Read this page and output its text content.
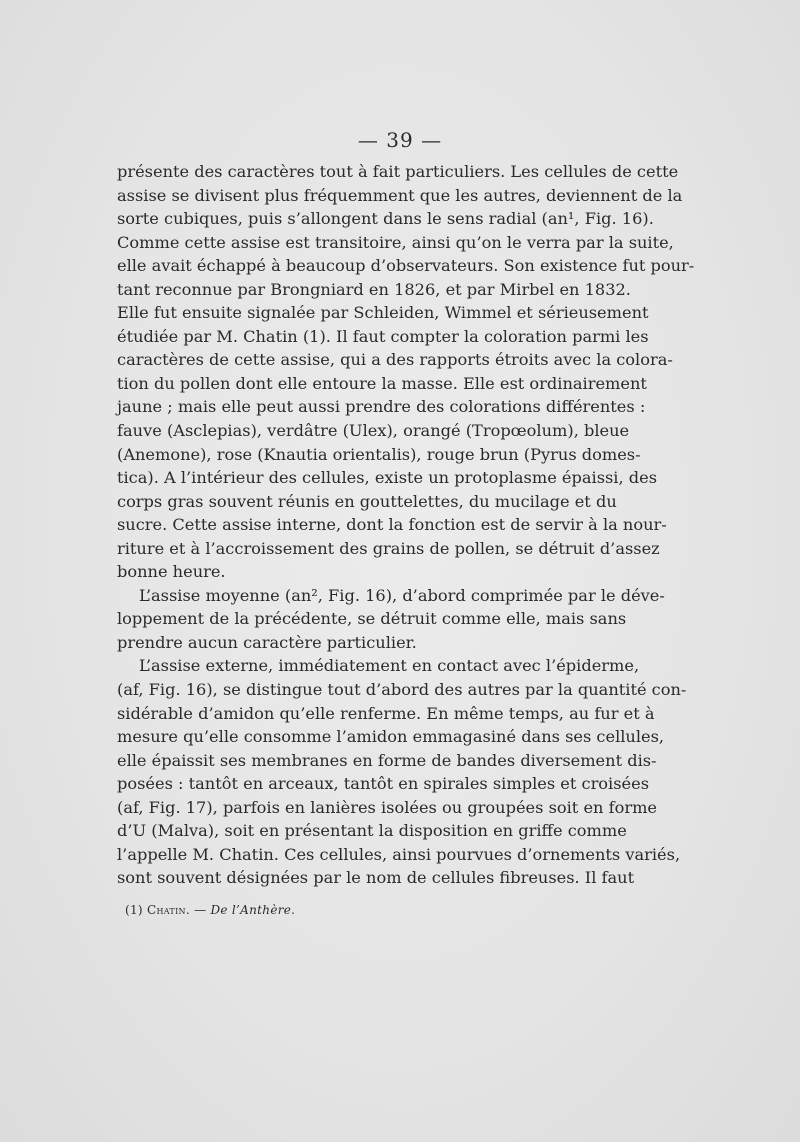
— 39 —
présente des caractères tout à fait particuliers. Les cellules de cette
assise se divisent plus fréquemment que les autres, deviennent de la
sorte cubiques, puis s’allongent dans le sens radial (an¹, Fig. 16).
Comme cette assise est transitoire, ainsi qu’on le verra par la suite,
elle avait échappé à beaucoup d’observateurs. Son existence fut pour-
tant reconnue par Brongniard en 1826, et par Mirbel en 1832.
Elle fut ensuite signalée par Schleiden, Wimmel et sérieusement
étudiée par M. Chatin (1). Il faut compter la coloration parmi les
caractères de cette assise, qui a des rapports étroits avec la colora-
tion du pollen dont elle entoure la masse. Elle est ordinairement
jaune ; mais elle peut aussi prendre des colorations différentes :
fauve (Asclepias), verdâtre (Ulex), orangé (Tropœolum), bleue
(Anemone), rose (Knautia orientalis), rouge brun (Pyrus domes-
tica). A l’intérieur des cellules, existe un protoplasme épaissi, des
corps gras souvent réunis en gouttelettes, du mucilage et du
sucre. Cette assise interne, dont la fonction est de servir à la nour-
riture et à l’accroissement des grains de pollen, se détruit d’assez
bonne heure.
L’assise moyenne (an², Fig. 16), d’abord comprimée par le déve-
loppement de la précédente, se détruit comme elle, mais sans
prendre aucun caractère particulier.
L’assise externe, immédiatement en contact avec l’épiderme,
(af, Fig. 16), se distingue tout d’abord des autres par la quantité con-
sidérable d’amidon qu’elle renferme. En même temps, au fur et à
mesure qu’elle consomme l’amidon emmagasiné dans ses cellules,
elle épaissit ses membranes en forme de bandes diversement dis-
posées : tantôt en arceaux, tantôt en spirales simples et croisées
(af, Fig. 17), parfois en lanières isolées ou groupées soit en forme
d’U (Malva), soit en présentant la disposition en griffe comme
l’appelle M. Chatin. Ces cellules, ainsi pourvues d’ornements variés,
sont souvent désignées par le nom de cellules fibreuses. Il faut
(1) Chatin. — De l’Anthère.
